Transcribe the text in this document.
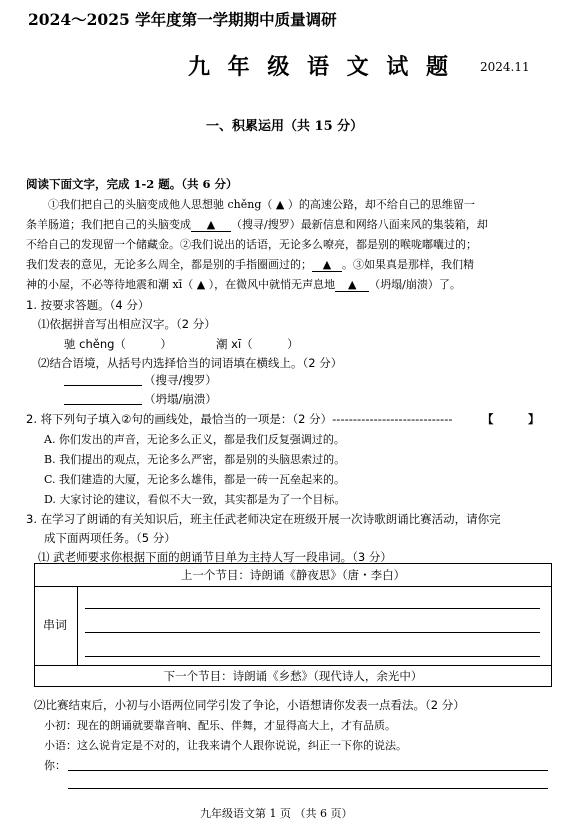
2024～2025 学年度第一学期期中质量调研
九 年 级 语 文 试 题 2024.11
一、积累运用（共 15 分）
阅读下面文字，完成 1-2 题。（共 6 分）
①我们把自己的头脑变成他人思想驰 chěng（ ▲ ）的高速公路，却不给自己的思维留一
条羊肠道；我们把自己的头脑变成 ▲ （搜寻/搜罗）最新信息和网络八面来风的集装箱，却
不给自己的发现留一个储藏金。②我们说出的话语，无论多么嘹亮，都是别的喉咙嘟囔过的；
我们发表的意见，无论多么周全，都是别的手指圈画过的； ▲ 。③如果真是那样，我们精
神的小屋，不必等待地震和潮 xī（ ▲ ），在微风中就悄无声息地 ▲ （坍塌/崩溃）了。
1. 按要求答题。（4 分）
⑴依据拼音写出相应汉字。（2 分）
驰 chěng（　　　）	潮 xī（　　　）
⑵结合语境，从括号内选择恰当的词语填在横线上。（2 分）
（搜寻/搜罗）
（坍塌/崩溃）
2. 将下列句子填入②句的画线处，最恰当的一项是：（2 分）-----------------------------	【　　　】
A. 你们发出的声音，无论多么正义，都是我们反复强调过的。
B. 我们提出的观点，无论多么严密，都是别的头脑思索过的。
C. 我们建造的大厦，无论多么雄伟，都是一砖一瓦垒起来的。
D. 大家讨论的建议，看似不大一致，其实都是为了一个目标。
3. 在学习了朗诵的有关知识后，班主任武老师决定在班级开展一次诗歌朗诵比赛活动，请你完
成下面两项任务。（5 分）
⑴ 武老师要求你根据下面的朗诵节目单为主持人写一段串词。（3 分）
上一个节目：诗朗诵《静夜思》（唐・李白）
串词
下一个节目：诗朗诵《乡愁》（现代诗人，余光中）
⑵比赛结束后，小初与小语两位同学引发了争论，小语想请你发表一点看法。（2 分）
小初：现在的朗诵就要靠音响、配乐、伴舞，才显得高大上，才有品质。
小语：这么说肯定是不对的，让我来请个人跟你说说，纠正一下你的说法。
你：
九年级语文第 1 页 （共 6 页）
